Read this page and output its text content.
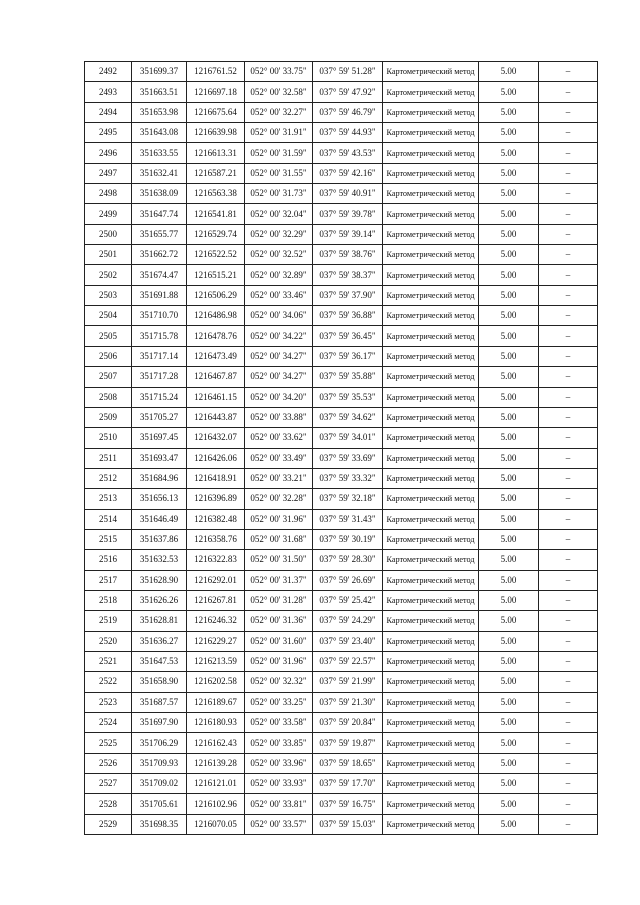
2492	351699.37	1216761.52	052° 00' 33.75"	037° 59' 51.28"	Картометрический метод	5.00	–
2493	351663.51	1216697.18	052° 00' 32.58"	037° 59' 47.92"	Картометрический метод	5.00	–
2494	351653.98	1216675.64	052° 00' 32.27"	037° 59' 46.79"	Картометрический метод	5.00	–
2495	351643.08	1216639.98	052° 00' 31.91"	037° 59' 44.93"	Картометрический метод	5.00	–
2496	351633.55	1216613.31	052° 00' 31.59"	037° 59' 43.53"	Картометрический метод	5.00	–
2497	351632.41	1216587.21	052° 00' 31.55"	037° 59' 42.16"	Картометрический метод	5.00	–
2498	351638.09	1216563.38	052° 00' 31.73"	037° 59' 40.91"	Картометрический метод	5.00	–
2499	351647.74	1216541.81	052° 00' 32.04"	037° 59' 39.78"	Картометрический метод	5.00	–
2500	351655.77	1216529.74	052° 00' 32.29"	037° 59' 39.14"	Картометрический метод	5.00	–
2501	351662.72	1216522.52	052° 00' 32.52"	037° 59' 38.76"	Картометрический метод	5.00	–
2502	351674.47	1216515.21	052° 00' 32.89"	037° 59' 38.37"	Картометрический метод	5.00	–
2503	351691.88	1216506.29	052° 00' 33.46"	037° 59' 37.90"	Картометрический метод	5.00	–
2504	351710.70	1216486.98	052° 00' 34.06"	037° 59' 36.88"	Картометрический метод	5.00	–
2505	351715.78	1216478.76	052° 00' 34.22"	037° 59' 36.45"	Картометрический метод	5.00	–
2506	351717.14	1216473.49	052° 00' 34.27"	037° 59' 36.17"	Картометрический метод	5.00	–
2507	351717.28	1216467.87	052° 00' 34.27"	037° 59' 35.88"	Картометрический метод	5.00	–
2508	351715.24	1216461.15	052° 00' 34.20"	037° 59' 35.53"	Картометрический метод	5.00	–
2509	351705.27	1216443.87	052° 00' 33.88"	037° 59' 34.62"	Картометрический метод	5.00	–
2510	351697.45	1216432.07	052° 00' 33.62"	037° 59' 34.01"	Картометрический метод	5.00	–
2511	351693.47	1216426.06	052° 00' 33.49"	037° 59' 33.69"	Картометрический метод	5.00	–
2512	351684.96	1216418.91	052° 00' 33.21"	037° 59' 33.32"	Картометрический метод	5.00	–
2513	351656.13	1216396.89	052° 00' 32.28"	037° 59' 32.18"	Картометрический метод	5.00	–
2514	351646.49	1216382.48	052° 00' 31.96"	037° 59' 31.43"	Картометрический метод	5.00	–
2515	351637.86	1216358.76	052° 00' 31.68"	037° 59' 30.19"	Картометрический метод	5.00	–
2516	351632.53	1216322.83	052° 00' 31.50"	037° 59' 28.30"	Картометрический метод	5.00	–
2517	351628.90	1216292.01	052° 00' 31.37"	037° 59' 26.69"	Картометрический метод	5.00	–
2518	351626.26	1216267.81	052° 00' 31.28"	037° 59' 25.42"	Картометрический метод	5.00	–
2519	351628.81	1216246.32	052° 00' 31.36"	037° 59' 24.29"	Картометрический метод	5.00	–
2520	351636.27	1216229.27	052° 00' 31.60"	037° 59' 23.40"	Картометрический метод	5.00	–
2521	351647.53	1216213.59	052° 00' 31.96"	037° 59' 22.57"	Картометрический метод	5.00	–
2522	351658.90	1216202.58	052° 00' 32.32"	037° 59' 21.99"	Картометрический метод	5.00	–
2523	351687.57	1216189.67	052° 00' 33.25"	037° 59' 21.30"	Картометрический метод	5.00	–
2524	351697.90	1216180.93	052° 00' 33.58"	037° 59' 20.84"	Картометрический метод	5.00	–
2525	351706.29	1216162.43	052° 00' 33.85"	037° 59' 19.87"	Картометрический метод	5.00	–
2526	351709.93	1216139.28	052° 00' 33.96"	037° 59' 18.65"	Картометрический метод	5.00	–
2527	351709.02	1216121.01	052° 00' 33.93"	037° 59' 17.70"	Картометрический метод	5.00	–
2528	351705.61	1216102.96	052° 00' 33.81"	037° 59' 16.75"	Картометрический метод	5.00	–
2529	351698.35	1216070.05	052° 00' 33.57"	037° 59' 15.03"	Картометрический метод	5.00	–
